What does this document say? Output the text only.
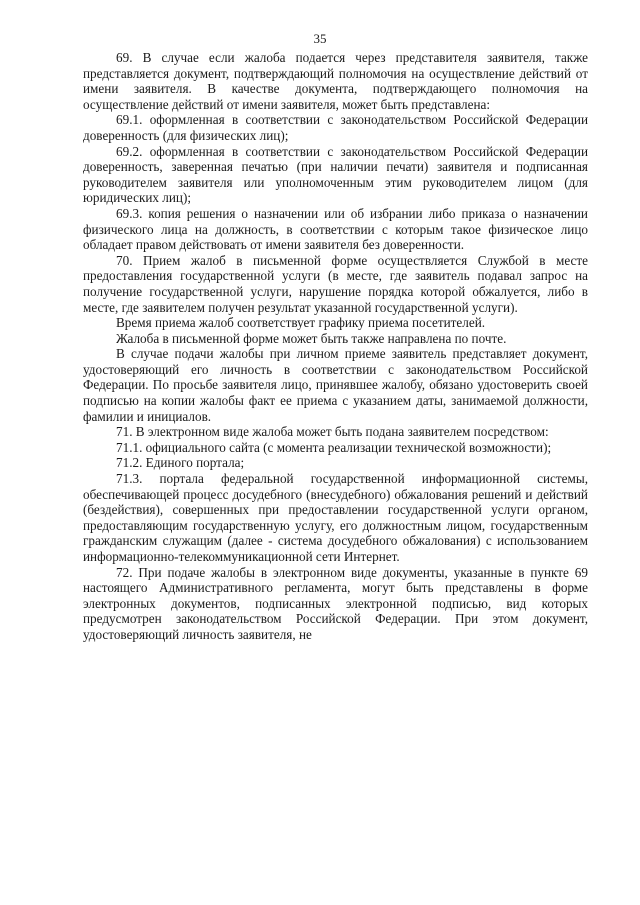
35

69. В случае если жалоба подается через представителя заявителя, также представляется документ, подтверждающий полномочия на осуществление действий от имени заявителя. В качестве документа, подтверждающего полномочия на осуществление действий от имени заявителя, может быть представлена:

69.1. оформленная в соответствии с законодательством Российской Федерации доверенность (для физических лиц);

69.2. оформленная в соответствии с законодательством Российской Федерации доверенность, заверенная печатью (при наличии печати) заявителя и подписанная руководителем заявителя или уполномоченным этим руководителем лицом (для юридических лиц);

69.3. копия решения о назначении или об избрании либо приказа о назначении физического лица на должность, в соответствии с которым такое физическое лицо обладает правом действовать от имени заявителя без доверенности.

70. Прием жалоб в письменной форме осуществляется Службой в месте предоставления государственной услуги (в месте, где заявитель подавал запрос на получение государственной услуги, нарушение порядка которой обжалуется, либо в месте, где заявителем получен результат указанной государственной услуги).

Время приема жалоб соответствует графику приема посетителей.

Жалоба в письменной форме может быть также направлена по почте.

В случае подачи жалобы при личном приеме заявитель представляет документ, удостоверяющий его личность в соответствии с законодательством Российской Федерации. По просьбе заявителя лицо, принявшее жалобу, обязано удостоверить своей подписью на копии жалобы факт ее приема с указанием даты, занимаемой должности, фамилии и инициалов.

71. В электронном виде жалоба может быть подана заявителем посредством:

71.1. официального сайта (с момента реализации технической возможности);

71.2. Единого портала;

71.3. портала федеральной государственной информационной системы, обеспечивающей процесс досудебного (внесудебного) обжалования решений и действий (бездействия), совершенных при предоставлении государственной услуги органом, предоставляющим государственную услугу, его должностным лицом, государственным гражданским служащим (далее - система досудебного обжалования) с использованием информационно-телекоммуникационной сети Интернет.

72. При подаче жалобы в электронном виде документы, указанные в пункте 69 настоящего Административного регламента, могут быть представлены в форме электронных документов, подписанных электронной подписью, вид которых предусмотрен законодательством Российской Федерации. При этом документ, удостоверяющий личность заявителя, не
